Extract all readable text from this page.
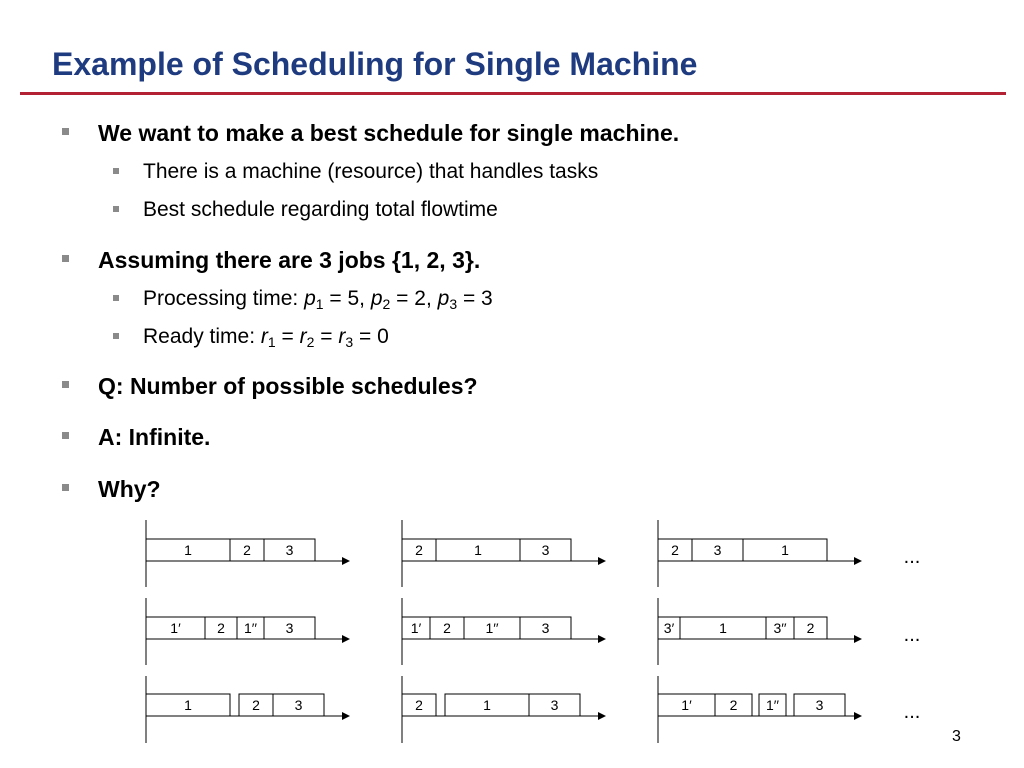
Example of Scheduling for Single Machine
We want to make a best schedule for single machine.
There is a machine (resource) that handles tasks
Best schedule regarding total flowtime
Assuming there are 3 jobs {1, 2, 3}.
Processing time: $p_1 = 5$, $p_2 = 2$, $p_3 = 3$
Ready time: $r_1 = r_2 = r_3 = 0$
Q: Number of possible schedules?
A: Infinite.
Why?
1	2 3	2	1	3	2 3	1	...
1′	2 1′′ 3	1′ 2 1′′	3	3′	1	3′′ 2	...
1	2 3	2	1	3	1′	2 1′′	3	...
3
